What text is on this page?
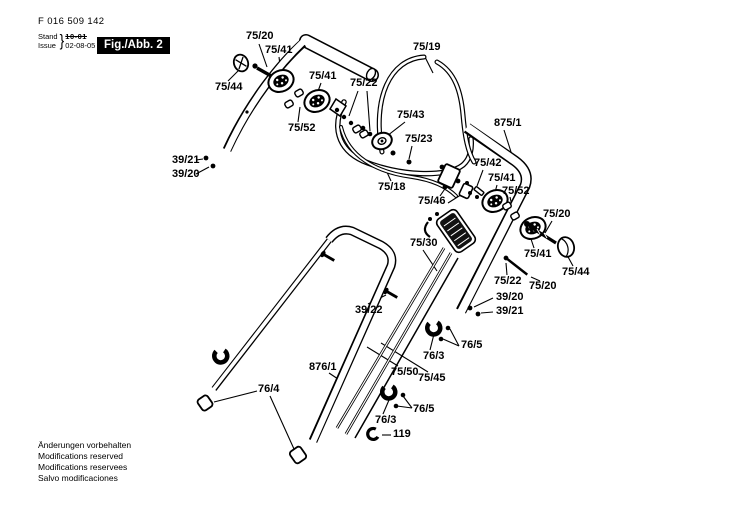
F 016 509 142
Stand
Issue } 10-01
02-08-05 Fig./Abb. 2
75/20
75/41
75/44
75/41
75/22
75/52
75/19
75/43
75/23
875/1
39/21
39/20
75/18
75/42
75/41
75/52
75/46
75/20
75/41
75/44
75/22 75/20
39/20
39/21
75/30
39/22
76/3
76/5
876/1	75/50 75/45
76/4
76/3
76/5
119
Änderungen vorbehalten
Modifications reserved
Modifications reservees
Salvo modificaciones
